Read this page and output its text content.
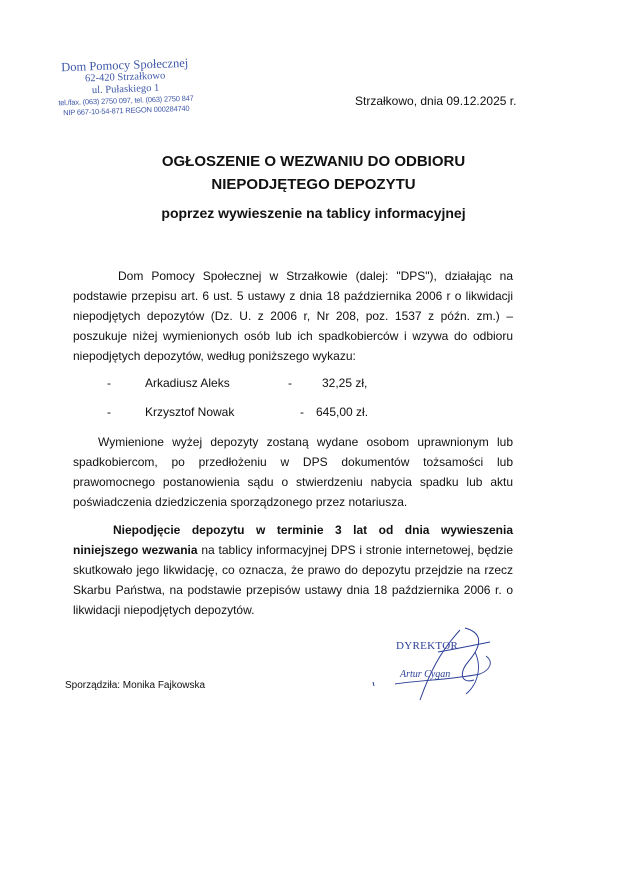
Dom Pomocy Społecznej
62-420 Strzałkowo
ul. Pułaskiego 1
tel./fax. (063) 2750 097, tel. (063) 2750 847
NIP 667-10-54-871 REGON 000284740
Strzałkowo, dnia 09.12.2025 r.
OGŁOSZENIE O WEZWANIU DO ODBIORU
NIEPODJĘTEGO DEPOZYTU
poprzez wywieszenie na tablicy informacyjnej
Dom Pomocy Społecznej w Strzałkowie (dalej: "DPS"), działając na podstawie przepisu art. 6 ust. 5 ustawy z dnia 18 października 2006 r o likwidacji niepodjętych depozytów (Dz. U. z 2006 r, Nr 208, poz. 1537 z późn. zm.) – poszukuje niżej wymienionych osób lub ich spadkobierców i wzywa do odbioru niepodjętych depozytów, według poniższego wykazu:
-	Arkadiusz Aleks	-	32,25 zł,
-	Krzysztof Nowak	- 645,00 zł.
Wymienione wyżej depozyty zostaną wydane osobom uprawnionym lub spadkobiercom, po przedłożeniu w DPS dokumentów tożsamości lub prawomocnego postanowienia sądu o stwierdzeniu nabycia spadku lub aktu poświadczenia dziedziczenia sporządzonego przez notariusza.
Niepodjęcie depozytu w terminie 3 lat od dnia wywieszenia niniejszego wezwania na tablicy informacyjnej DPS i stronie internetowej, będzie skutkowało jego likwidację, co oznacza, że prawo do depozytu przejdzie na rzecz Skarbu Państwa, na podstawie przepisów ustawy dnia 18 października 2006 r. o likwidacji niepodjętych depozytów.
DYREKTOR
Artur Cygan
Sporządziła: Monika Fajkowska
